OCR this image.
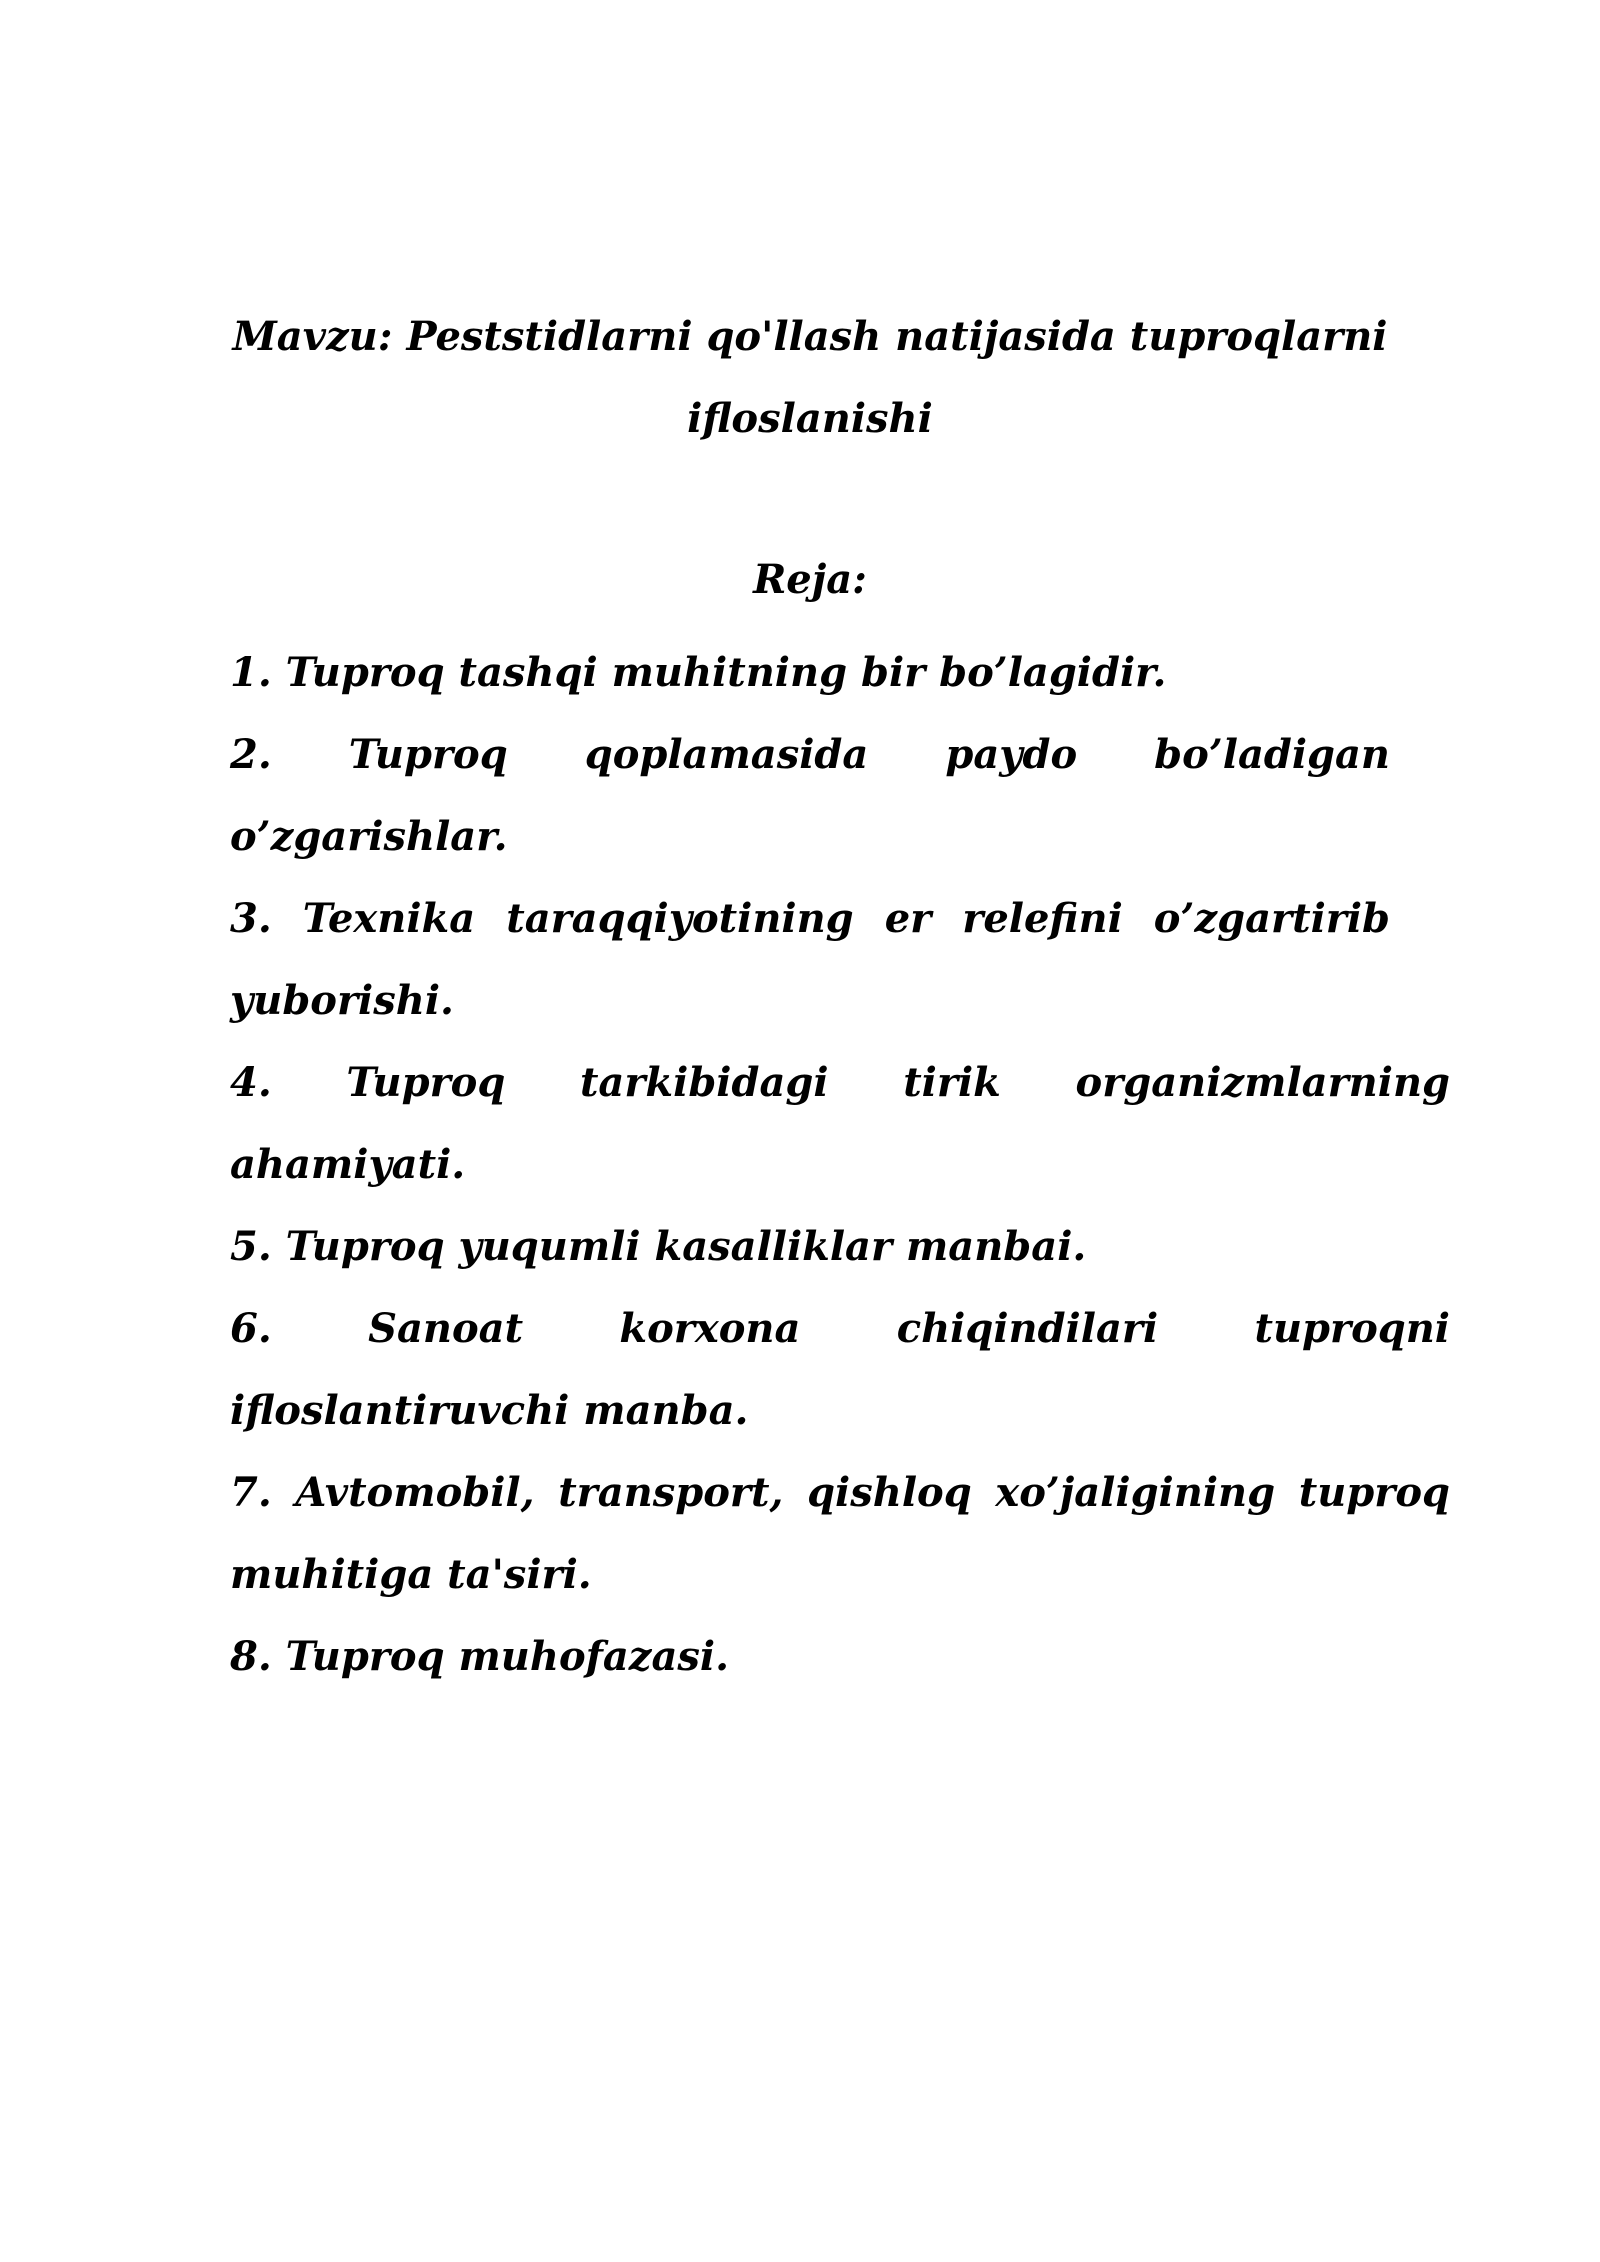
Mavzu: Peststidlarni qo'llash natijasida tuproqlarni
ifloslanishi
Reja:
1. Tuproq tashqi muhitning bir bo’lagidir.
2. Tuproq qoplamasida paydo bo’ladigan o’zgarishlar.
3. Texnika taraqqiyotining er relefini o’zgartirib yuborishi.
4. Tuproq tarkibidagi tirik organizmlarning ahamiyati.
5. Tuproq yuqumli kasalliklar manbai.
6. Sanoat korxona chiqindilari tuproqni ifloslantiruvchi manba.
7. Avtomobil, transport, qishloq xo’jaligining tuproq muhitiga ta'siri.
8. Tuproq muhofazasi.
